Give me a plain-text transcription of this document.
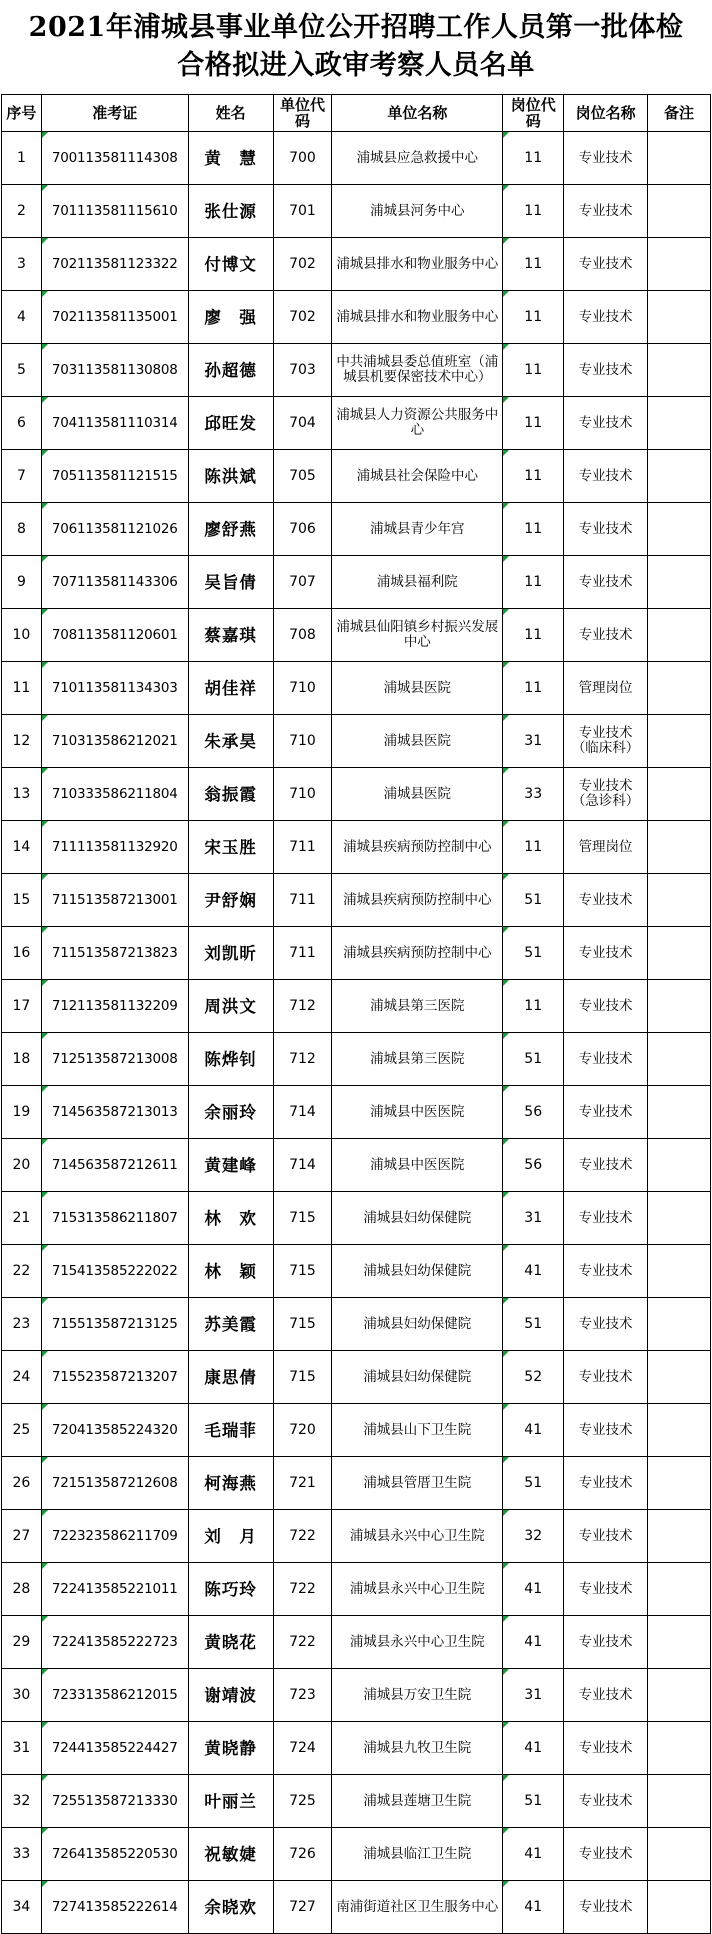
2021年浦城县事业单位公开招聘工作人员第一批体检
合格拟进入政审考察人员名单
序号	准考证	姓名	单位代码	单位名称	岗位代码	岗位名称	备注
1	700113581114308	黄　慧	700	浦城县应急救援中心	11	专业技术	
2	701113581115610	张仕源	701	浦城县河务中心	11	专业技术	
3	702113581123322	付博文	702	浦城县排水和物业服务中心	11	专业技术	
4	702113581135001	廖　强	702	浦城县排水和物业服务中心	11	专业技术	
5	703113581130808	孙超德	703	中共浦城县委总值班室（浦城县机要保密技术中心）	11	专业技术	
6	704113581110314	邱旺发	704	浦城县人力资源公共服务中心	11	专业技术	
7	705113581121515	陈洪斌	705	浦城县社会保险中心	11	专业技术	
8	706113581121026	廖舒燕	706	浦城县青少年宫	11	专业技术	
9	707113581143306	吴旨倩	707	浦城县福利院	11	专业技术	
10	708113581120601	蔡嘉琪	708	浦城县仙阳镇乡村振兴发展中心	11	专业技术	
11	710113581134303	胡佳祥	710	浦城县医院	11	管理岗位	
12	710313586212021	朱承昊	710	浦城县医院	31	专业技术（临床科）	
13	710333586211804	翁振霞	710	浦城县医院	33	专业技术（急诊科）	
14	711113581132920	宋玉胜	711	浦城县疾病预防控制中心	11	管理岗位	
15	711513587213001	尹舒娴	711	浦城县疾病预防控制中心	51	专业技术	
16	711513587213823	刘凯昕	711	浦城县疾病预防控制中心	51	专业技术	
17	712113581132209	周洪文	712	浦城县第三医院	11	专业技术	
18	712513587213008	陈烨钊	712	浦城县第三医院	51	专业技术	
19	714563587213013	余丽玲	714	浦城县中医医院	56	专业技术	
20	714563587212611	黄建峰	714	浦城县中医医院	56	专业技术	
21	715313586211807	林　欢	715	浦城县妇幼保健院	31	专业技术	
22	715413585222022	林　颖	715	浦城县妇幼保健院	41	专业技术	
23	715513587213125	苏美霞	715	浦城县妇幼保健院	51	专业技术	
24	715523587213207	康思倩	715	浦城县妇幼保健院	52	专业技术	
25	720413585224320	毛瑞菲	720	浦城县山下卫生院	41	专业技术	
26	721513587212608	柯海燕	721	浦城县管厝卫生院	51	专业技术	
27	722323586211709	刘　月	722	浦城县永兴中心卫生院	32	专业技术	
28	722413585221011	陈巧玲	722	浦城县永兴中心卫生院	41	专业技术	
29	722413585222723	黄晓花	722	浦城县永兴中心卫生院	41	专业技术	
30	723313586212015	谢靖波	723	浦城县万安卫生院	31	专业技术	
31	724413585224427	黄晓静	724	浦城县九牧卫生院	41	专业技术	
32	725513587213330	叶丽兰	725	浦城县莲塘卫生院	51	专业技术	
33	726413585220530	祝敏婕	726	浦城县临江卫生院	41	专业技术	
34	727413585222614	余晓欢	727	南浦街道社区卫生服务中心	41	专业技术	
